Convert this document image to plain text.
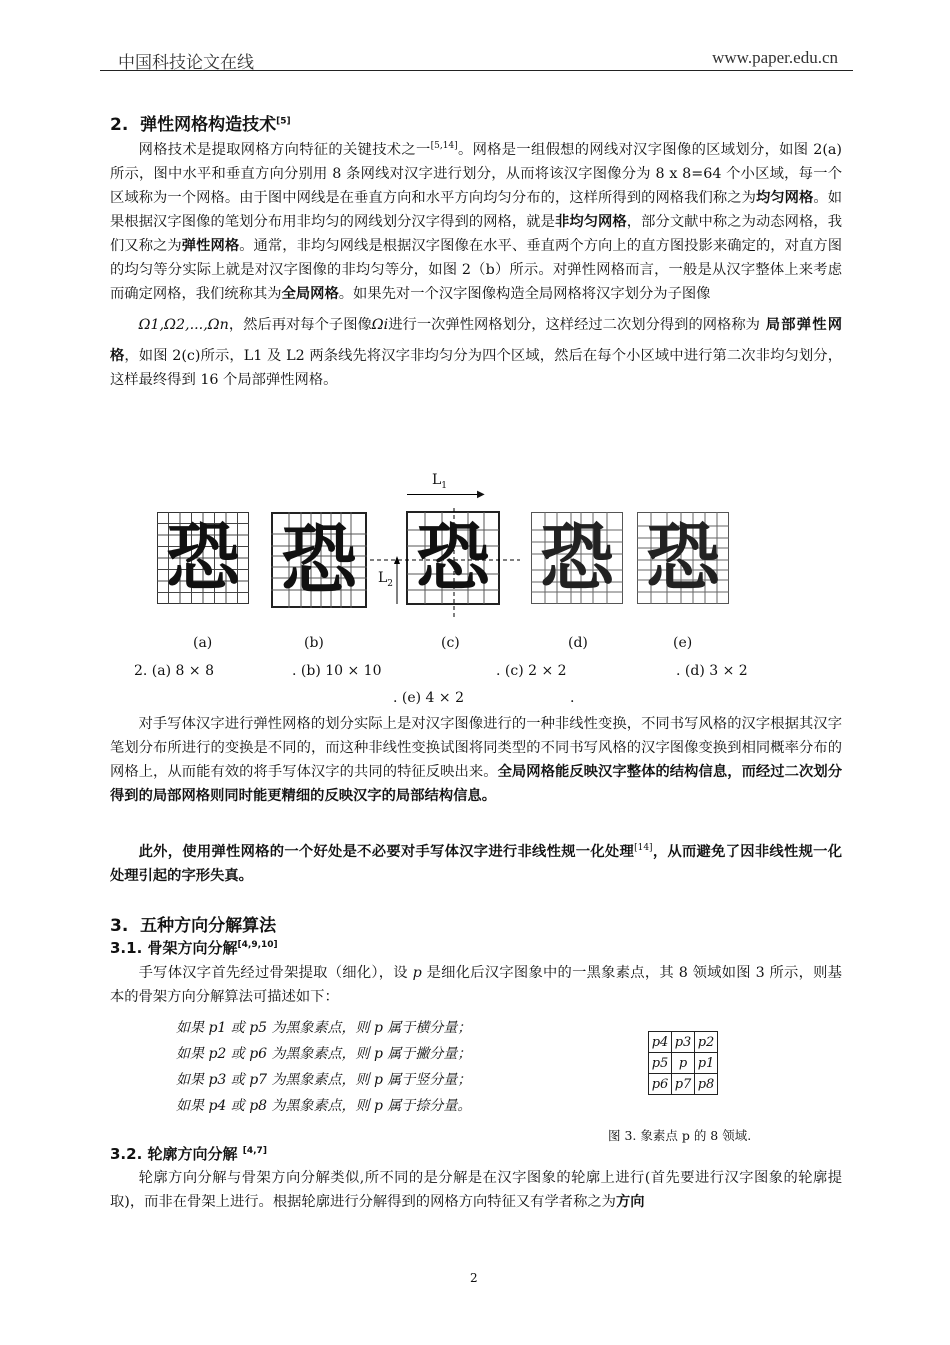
中国科技论文在线	www.paper.edu.cn
2. 弹性网格构造技术[5]
网格技术是提取网格方向特征的关键技术之一[5,14]。网格是一组假想的网线对汉字图像的区域划分，如图 2(a)所示，图中水平和垂直方向分别用 8 条网线对汉字进行划分，从而将该汉字图像分为 8 x 8=64 个小区域，每一个区域称为一个网格。由于图中网线是在垂直方向和水平方向均匀分布的，这样所得到的网格我们称之为均匀网格。如果根据汉字图像的笔划分布用非均匀的网线划分汉字得到的网格，就是非均匀网格，部分文献中称之为动态网格，我们又称之为弹性网格。通常，非均匀网线是根据汉字图像在水平、垂直两个方向上的直方图投影来确定的，对直方图的均匀等分实际上就是对汉字图像的非均匀等分，如图 2（b）所示。对弹性网格而言，一般是从汉字整体上来考虑而确定网格，我们统称其为全局网格。如果先对一个汉字图像构造全局网格将汉字划分为子图像
Ω1,Ω2,...,Ωn，然后再对每个子图像Ωi进行一次弹性网格划分，这样经过二次划分得到的网格称为 局部弹性网格，如图 2(c)所示，L1 及 L2 两条线先将汉字非均匀分为四个区域，然后在每个小区域中进行第二次非均匀划分，这样最终得到 16 个局部弹性网格。
$L_1$
▶
恐 恐 恐
$L_2$ 恐 恐
(a)	(b)	(c)	(d)	(e)
2. (a) 8 × 8	. (b) 10 × 10	. (c) 2 × 2	. (d) 3 × 2
. (e) 4 × 2	.
对手写体汉字进行弹性网格的划分实际上是对汉字图像进行的一种非线性变换，不同书写风格的汉字根据其汉字笔划分布所进行的变换是不同的，而这种非线性变换试图将同类型的不同书写风格的汉字图像变换到相同概率分布的网格上，从而能有效的将手写体汉字的共同的特征反映出来。全局网格能反映汉字整体的结构信息，而经过二次划分得到的局部网格则同时能更精细的反映汉字的局部结构信息。
此外，使用弹性网格的一个好处是不必要对手写体汉字进行非线性规一化处理[14]，从而避免了因非线性规一化处理引起的字形失真。
3. 五种方向分解算法
3.1. 骨架方向分解[4,9,10]
手写体汉字首先经过骨架提取（细化），设 p 是细化后汉字图象中的一黑象素点，其 8 领域如图 3 所示，则基本的骨架方向分解算法可描述如下：
如果 p1 或 p5 为黑象素点，则 p 属于横分量；
如果 p2 或 p6 为黑象素点，则 p 属于撇分量；
如果 p3 或 p7 为黑象素点，则 p 属于竖分量；
如果 p4 或 p8 为黑象素点，则 p 属于捺分量。
p4	p3	p2
p5	p	p1
p6	p7	p8
图 3. 象素点 p 的 8 领域.
3.2. 轮廓方向分解 [4,7]
轮廓方向分解与骨架方向分解类似,所不同的是分解是在汉字图象的轮廓上进行(首先要进行汉字图象的轮廓提取)，而非在骨架上进行。根据轮廓进行分解得到的网格方向特征又有学者称之为方向
2
